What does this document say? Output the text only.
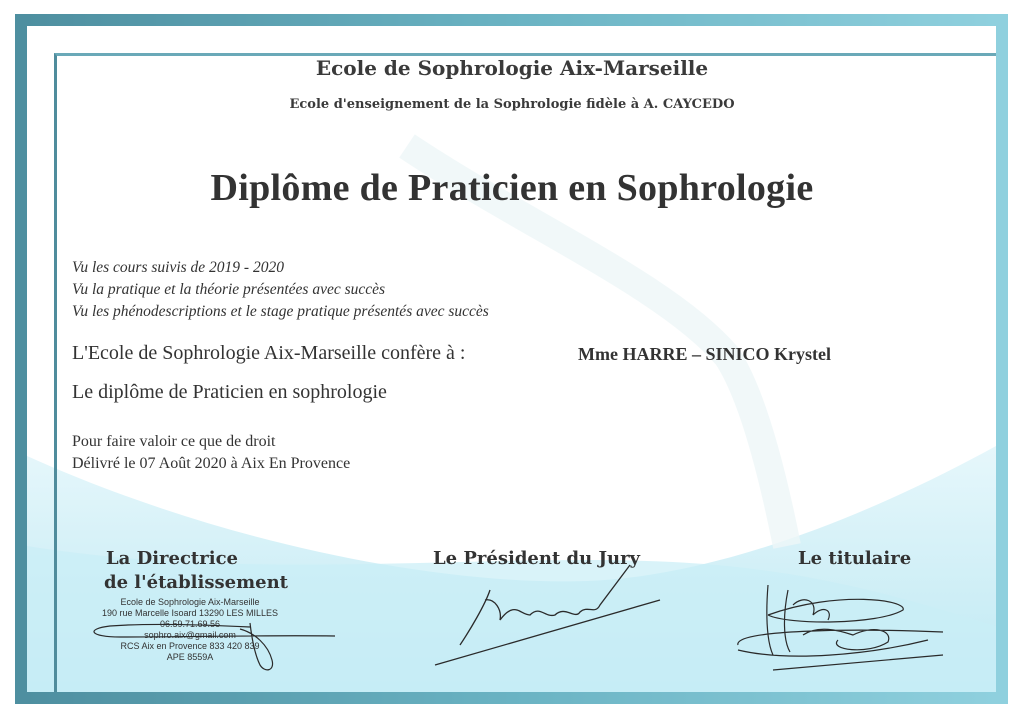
Ecole de Sophrologie Aix-Marseille
Ecole d'enseignement de la Sophrologie fidèle à A. CAYCEDO
Diplôme de Praticien en Sophrologie
Vu les cours suivis de 2019 - 2020
Vu la pratique et la théorie présentées avec succès
Vu les phénodescriptions et le stage pratique présentés avec succès
L'Ecole de Sophrologie Aix-Marseille confère à :	Mme HARRE – SINICO Krystel
Le diplôme de Praticien en sophrologie
Pour faire valoir ce que de droit
Délivré le 07 Août 2020 à Aix En Provence
La Directrice
de l'établissement
Le Président du Jury	Le titulaire
Ecole de Sophrologie Aix-Marseille
190 rue Marcelle Isoard 13290 LES MILLES
06.59.71.69.56
sophro.aix@gmail.com
RCS Aix en Provence 833 420 839
APE 8559A
